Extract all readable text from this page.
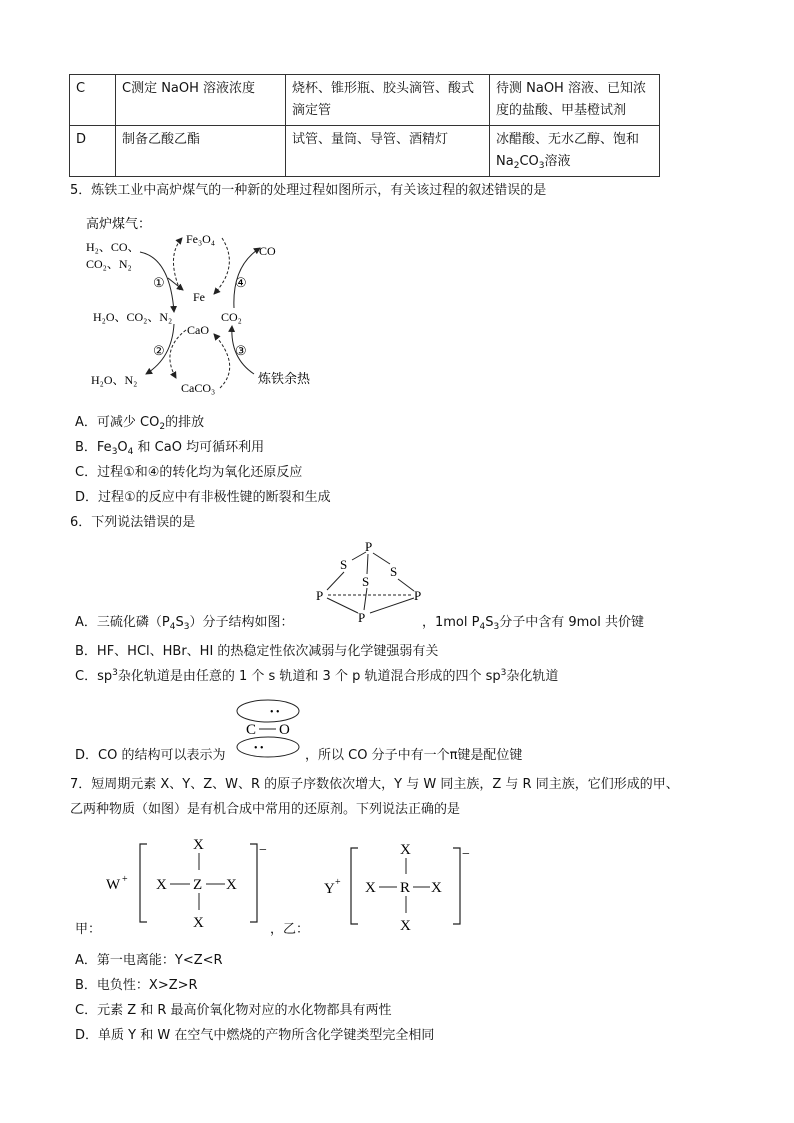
C	C测定 NaOH 溶液浓度	烧杯、锥形瓶、胶头滴管、酸式滴定管	待测 NaOH 溶液、已知浓度的盐酸、甲基橙试剂
D	制备乙酸乙酯	试管、量筒、导管、酒精灯	冰醋酸、无水乙醇、饱和
$Na_2CO_3$溶液
5．炼铁工业中高炉煤气的一种新的处理过程如图所示，有关该过程的叙述错误的是
高炉煤气：
H₂、CO、
CO₂、N₂
Fe₃O₄
Fe
CO
H₂O、CO₂、N₂
CaO
CO₂
H₂O、N₂
CaCO₃
炼铁余热
①
②	③
④
A．可减少 $CO_2$的排放
B．$Fe_3O_4$ 和 CaO 均可循环利用
C．过程①和④的转化均为氧化还原反应
D．过程①的反应中有非极性键的断裂和生成
6．下列说法错误的是
P
S
S
S
P	P
P
A．三硫化磷$(P_4S_3)$分子结构如图：	，1mol $P_4S_3$分子中含有 9mol 共价键
B．HF、HCl、HBr、HI 的热稳定性依次减弱与化学键强弱有关
C．$sp^3$杂化轨道是由任意的 1 个 s 轨道和 3 个 p 轨道混合形成的四个 $sp^3$杂化轨道
• •
C O
• •
D．CO 的结构可以表示为	，所以 CO 分子中有一个π键是配位键
7．短周期元素 X、Y、Z、W、R 的原子序数依次增大，Y 与 W 同主族，Z 与 R 同主族，它们形成的甲、
乙两种物质（如图）是有机合成中常用的还原剂。下列说法正确的是
W +
X
X Z X
X
−
Y +
X
X R X
X
−
甲：	，乙：
A．第一电离能：Y<Z<R
B．电负性：X>Z>R
C．元素 Z 和 R 最高价氧化物对应的水化物都具有两性
D．单质 Y 和 W 在空气中燃烧的产物所含化学键类型完全相同
